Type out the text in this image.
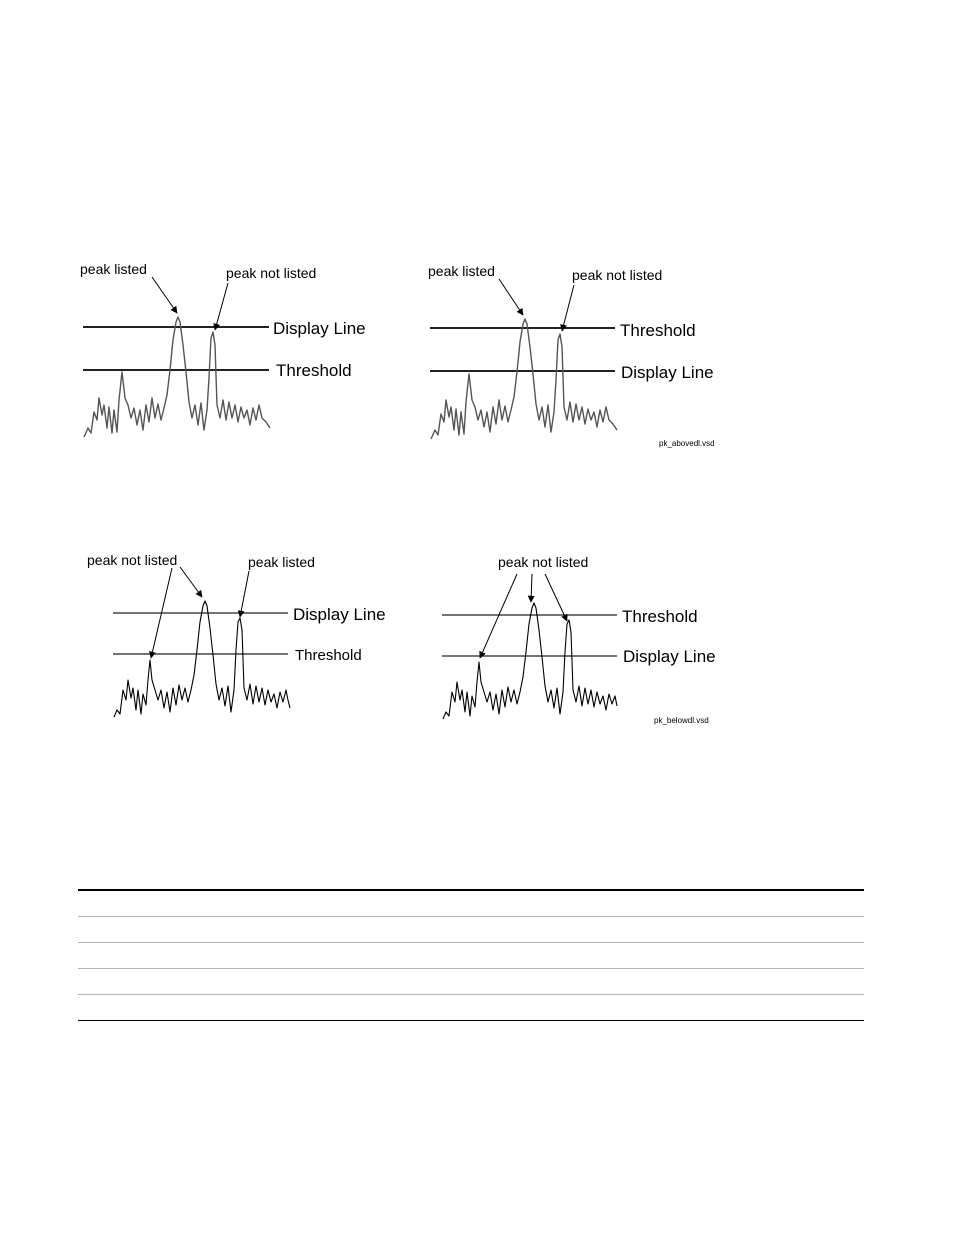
Display Line
Threshold
peak listed	peak not listed
Threshold
Display Line
peak listed	peak not listed
pk_abovedl.vsd
Display Line
Threshold
peak not listed	peak listed
Threshold
Display Line
peak not listed
pk_belowdl.vsd
